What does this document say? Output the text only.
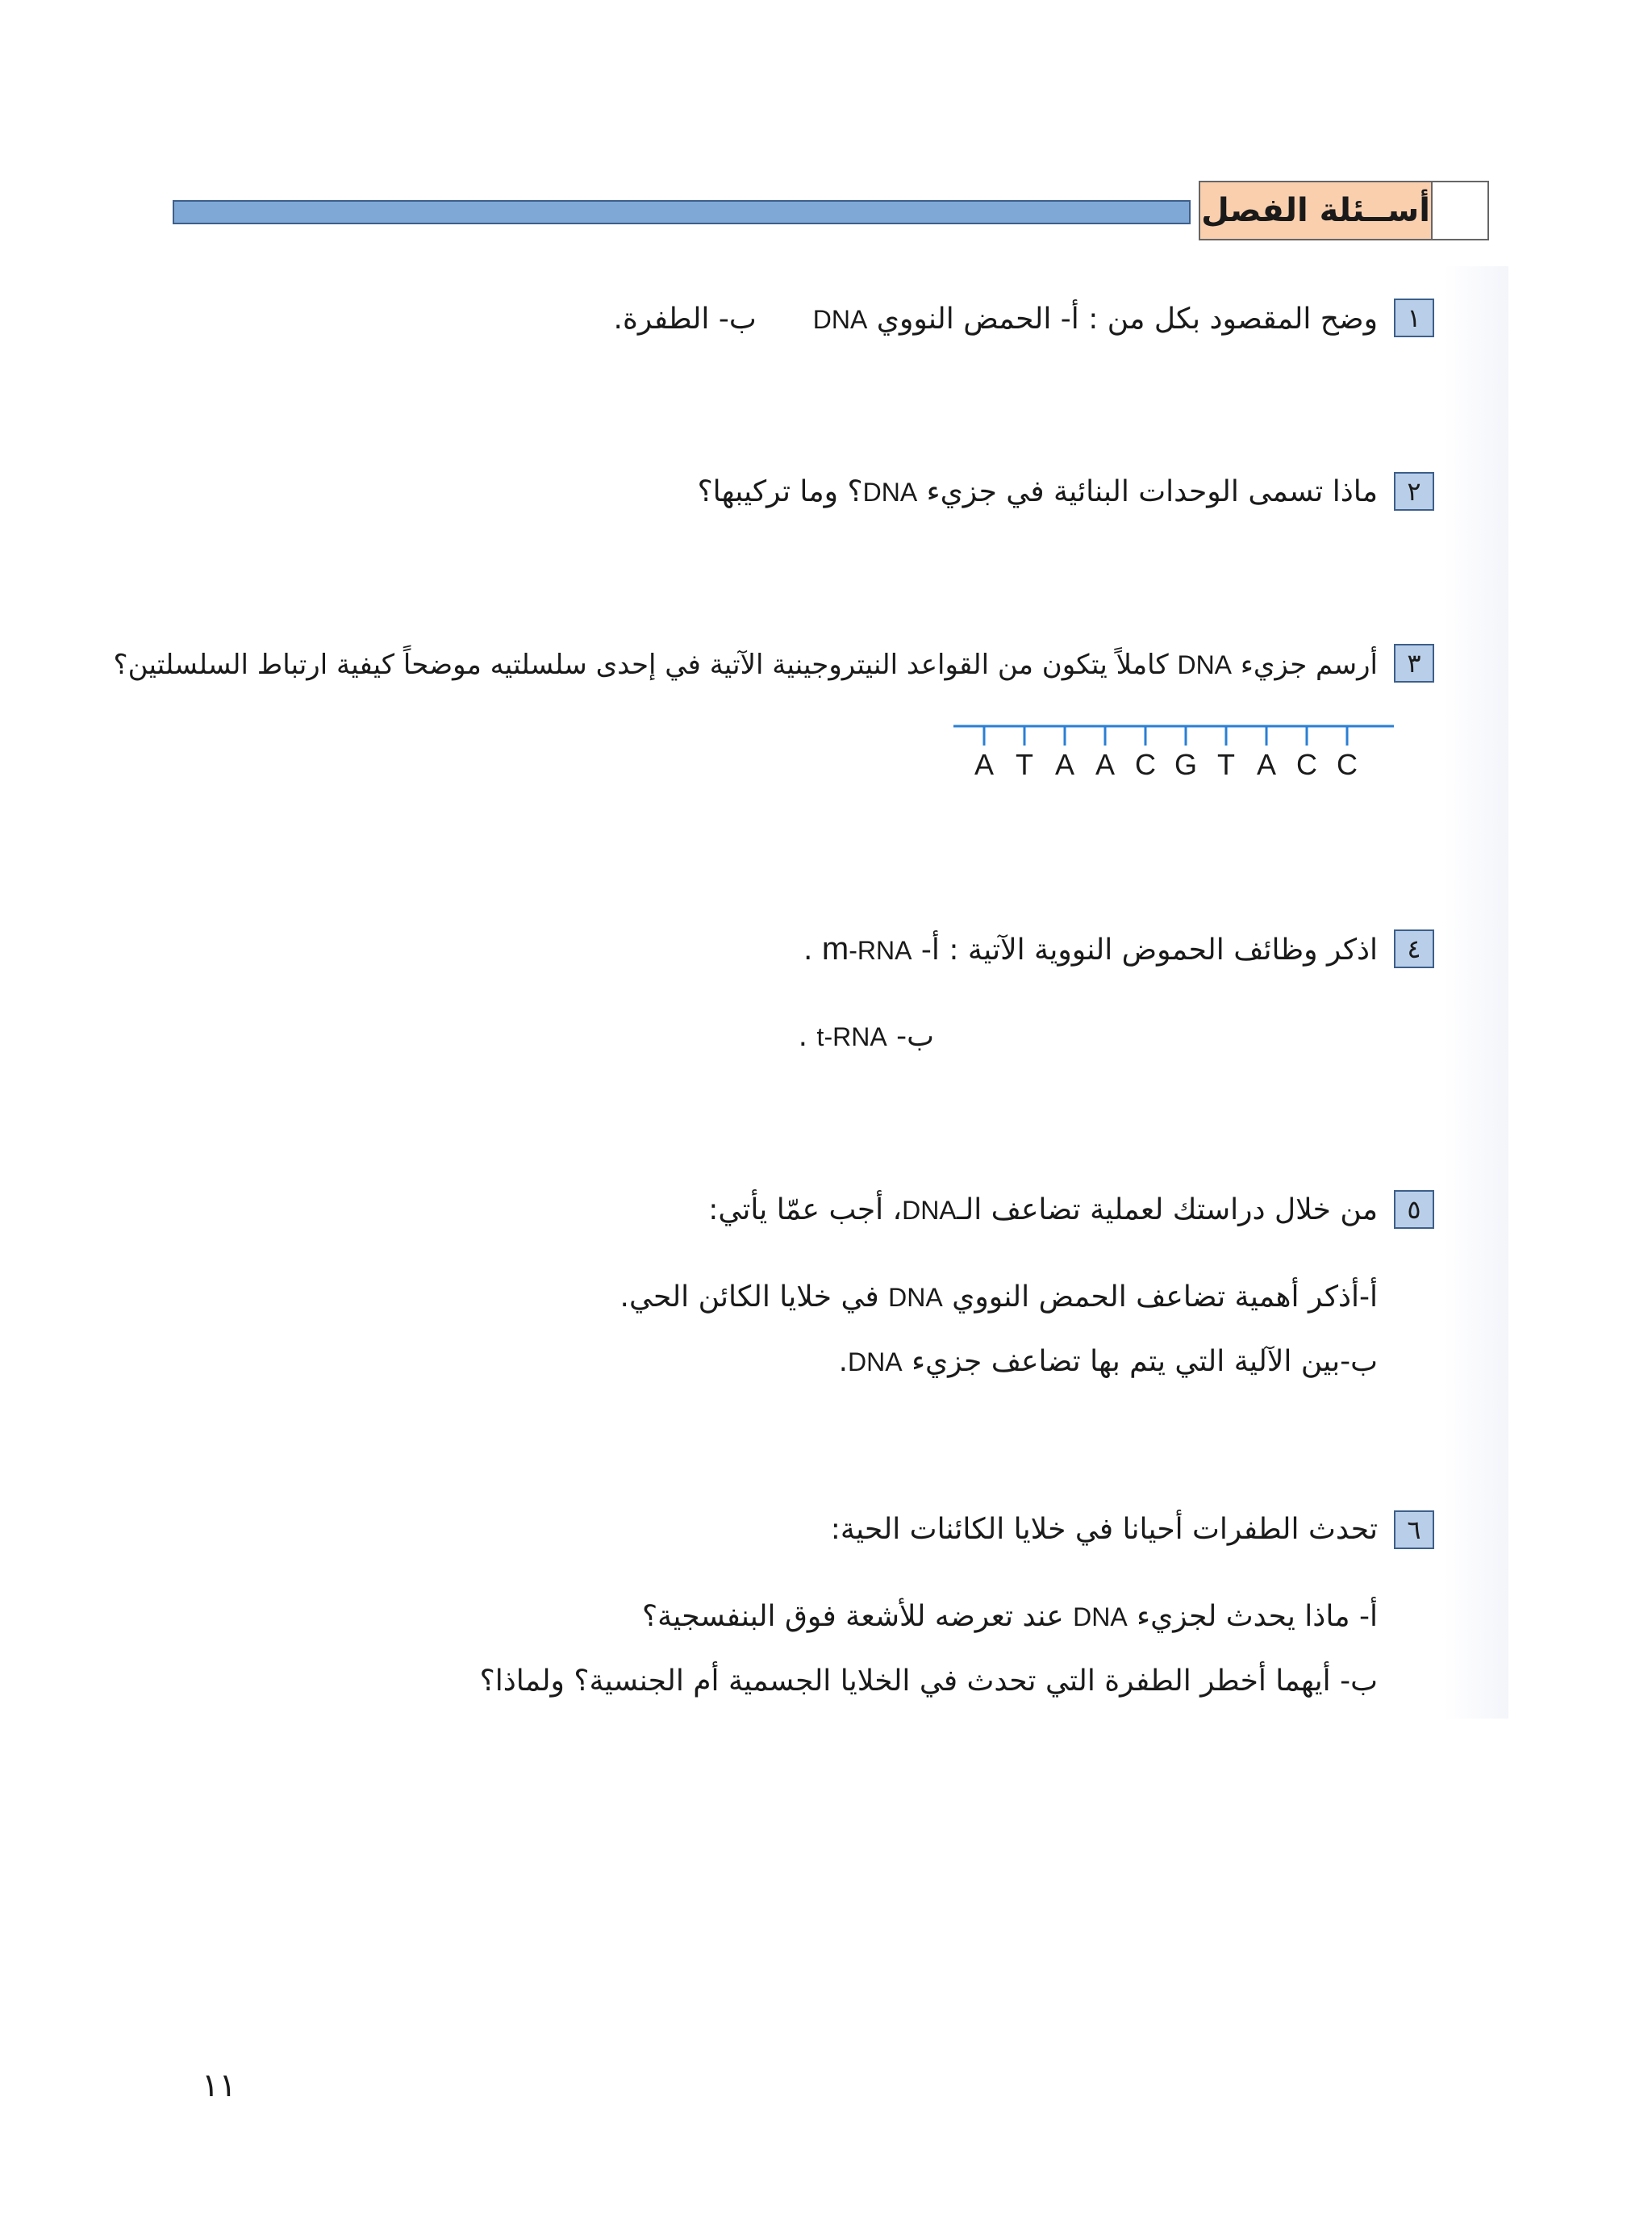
أســئلة الفصل
١
وضح المقصود بكل من : أ- الحمض النووي DNAب- الطفرة.
٢
ماذا تسمى الوحدات البنائية في جزيء DNA؟ وما تركيبها؟
٣
أرسم جزيء DNA كاملاً يتكون من القواعد النيتروجينية الآتية في إحدى سلسلتيه موضحاً كيفية ارتباط السلسلتين؟
A T A A C G T A C C
٤
اذكر وظائف الحموض النووية الآتية : أ- m-RNA .
ب- t-RNA .
٥
من خلال دراستك لعملية تضاعف الـDNA، أجب عمّا يأتي:
أ-أذكر أهمية تضاعف الحمض النووي DNA في خلايا الكائن الحي.
ب-بين الآلية التي يتم بها تضاعف جزيء DNA.
٦
تحدث الطفرات أحيانا في خلايا الكائنات الحية:
أ- ماذا يحدث لجزيء DNA عند تعرضه للأشعة فوق البنفسجية؟
ب- أيهما أخطر الطفرة التي تحدث في الخلايا الجسمية أم الجنسية؟ ولماذا؟
١١
